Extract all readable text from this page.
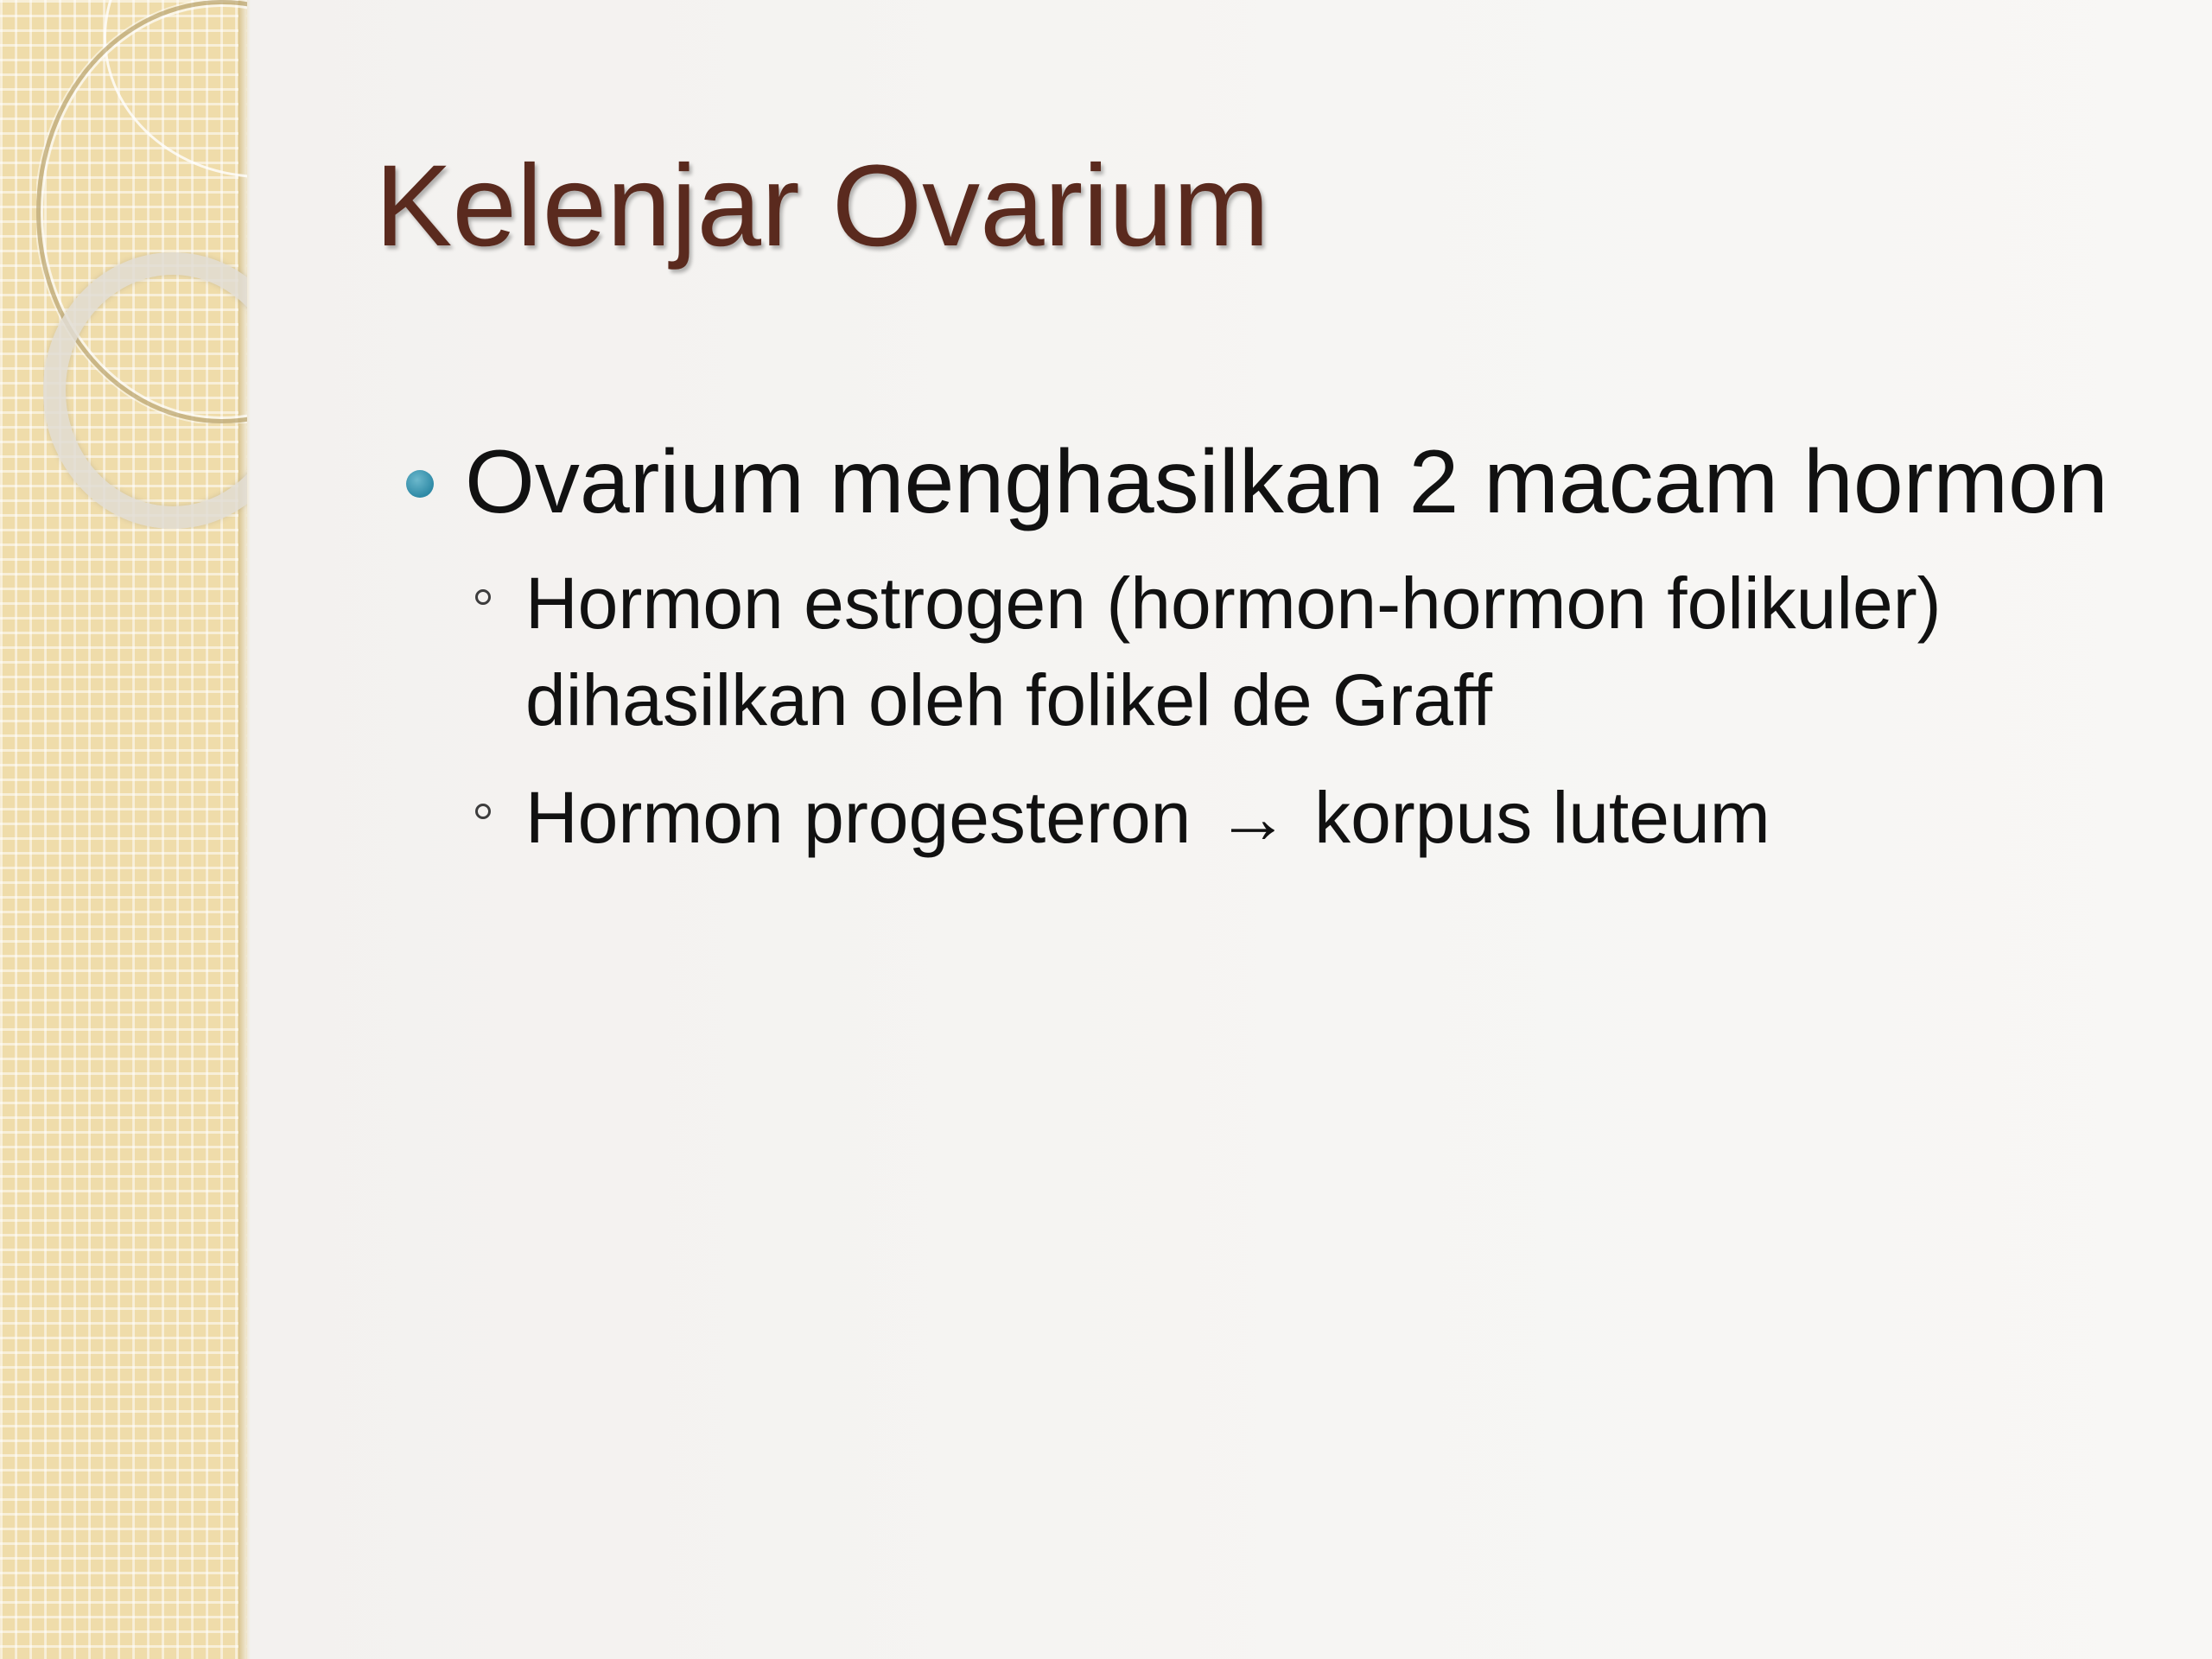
Kelenjar Ovarium
Ovarium menghasilkan 2 macam hormon
Hormon estrogen (hormon-hormon folikuler)
dihasilkan oleh folikel de Graff
Hormon progesteron → korpus luteum
